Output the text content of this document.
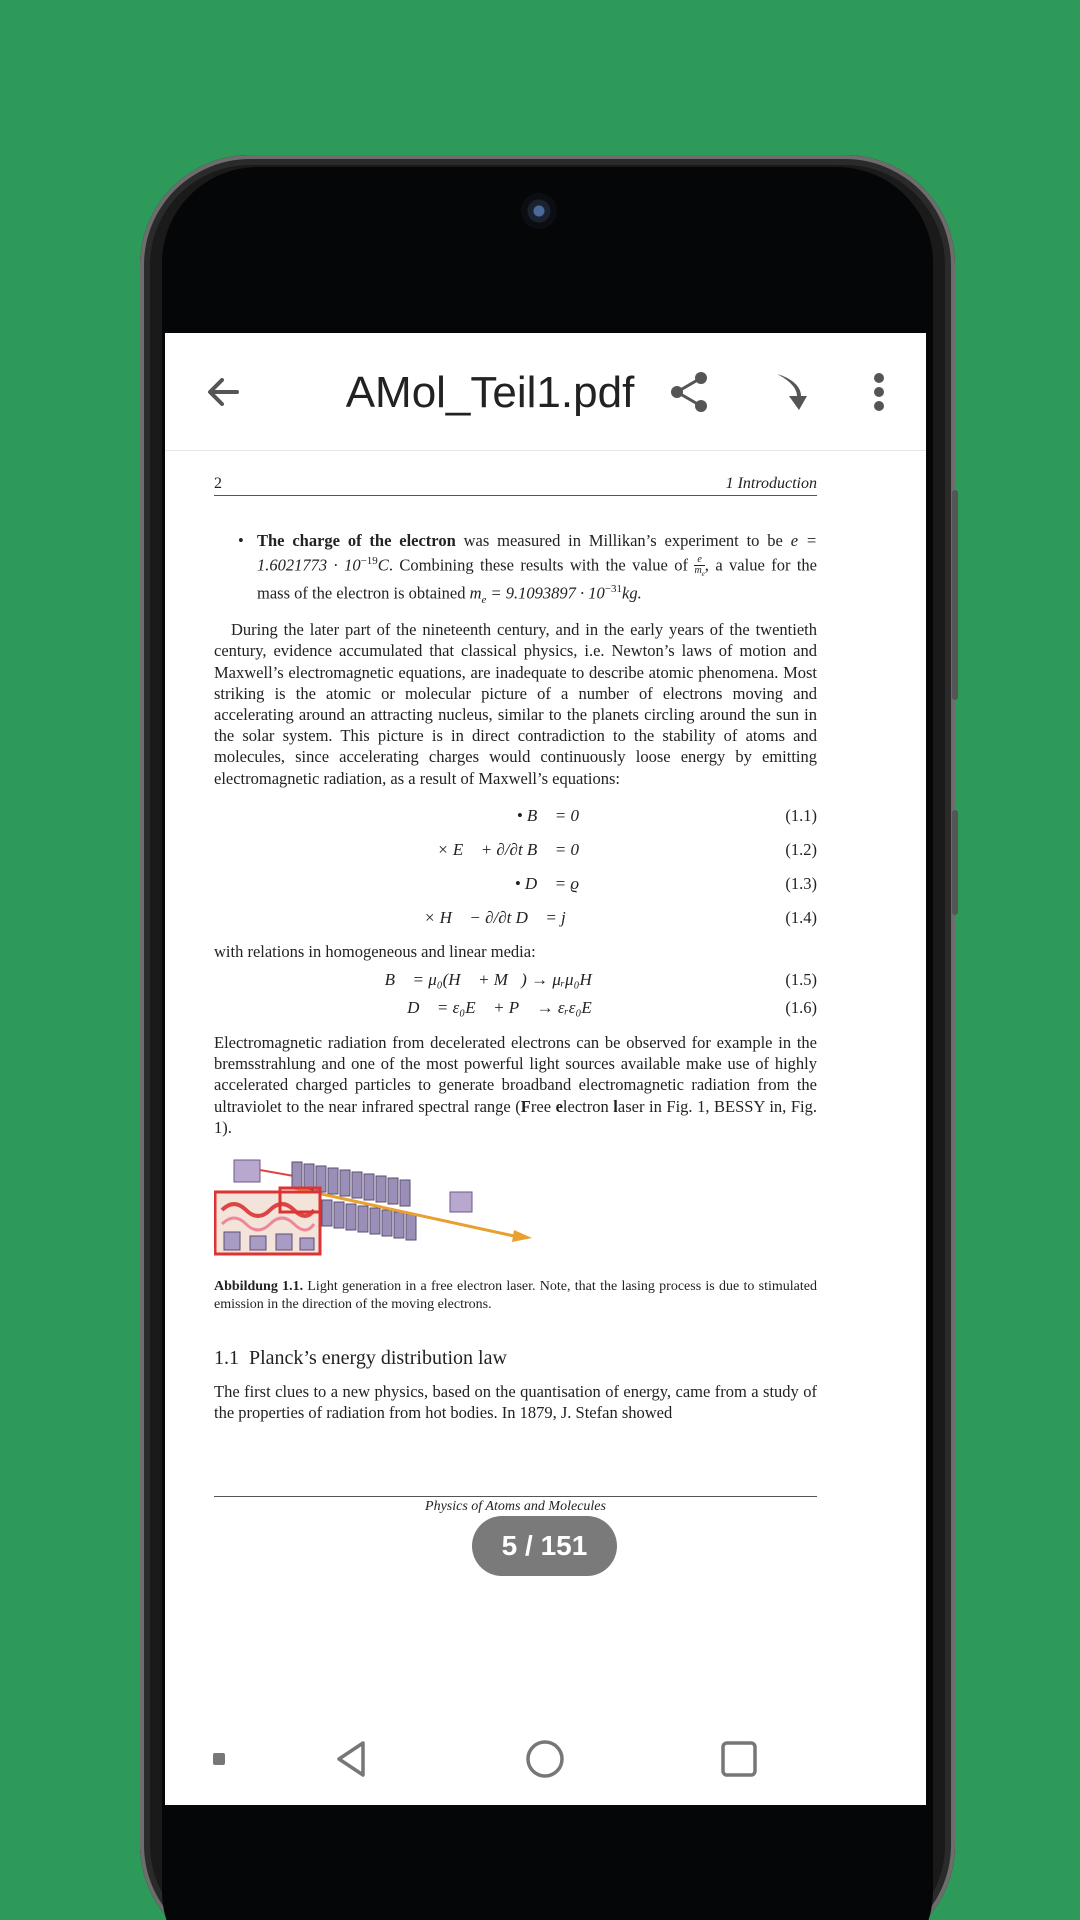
AMol_Teil1.pdf
2	1 Introduction
• The charge of the electron was measured in Millikan’s experiment to be $e = 1.6021773 \cdot 10^{-19}C$. Combining these results with the value of $\frac{e}{m_e}$ , a value for the mass of the electron is obtained $m_e = 9.1093897 \cdot 10^{-31}kg$.

During the later part of the nineteenth century, and in the early years of the twentieth century, evidence accumulated that classical physics, i.e. Newton’s laws of motion and Maxwell’s electromagnetic equations, are inadequate to describe atomic phenomena. Most striking is the atomic or molecular picture of a number of electrons moving and accelerating around an attracting nucleus, similar to the planets circling around the sun in the solar system. This picture is in direct contradiction to the stability of atoms and molecules, since accelerating charges would continuously loose energy by emitting electromagnetic radiation, as a result of Maxwell’s equations:

∇⃗ • B⃗ = 0	(1.1)
∇⃗ × E⃗ + ∂/∂t B⃗ = 0	(1.2)
∇⃗ • D⃗ = ϱ	(1.3)
∇⃗ × H⃗ − ∂/∂t D⃗ = j⃗	(1.4)

with relations in homogeneous and linear media:

B⃗ = μ₀(H⃗ + M⃗) → μᵣμ₀H⃗	(1.5)
D⃗ = ε₀E⃗ + P⃗ → εᵣε₀E⃗	(1.6)

Electromagnetic radiation from decelerated electrons can be observed for example in the bremsstrahlung and one of the most powerful light sources available make use of highly accelerated charged particles to generate broadband electromagnetic radiation from the ultraviolet to the near infrared spectral range (Free electron laser in Fig. 1, BESSY in, Fig. 1).

Abbildung 1.1. Light generation in a free electron laser. Note, that the lasing process is due to stimulated emission in the direction of the moving electrons.

1.1 Planck’s energy distribution law

The first clues to a new physics, based on the quantisation of energy, came from a study of the properties of radiation from hot bodies. In 1879, J. Stefan showed

Physics of Atoms and Molecules
5 / 151
